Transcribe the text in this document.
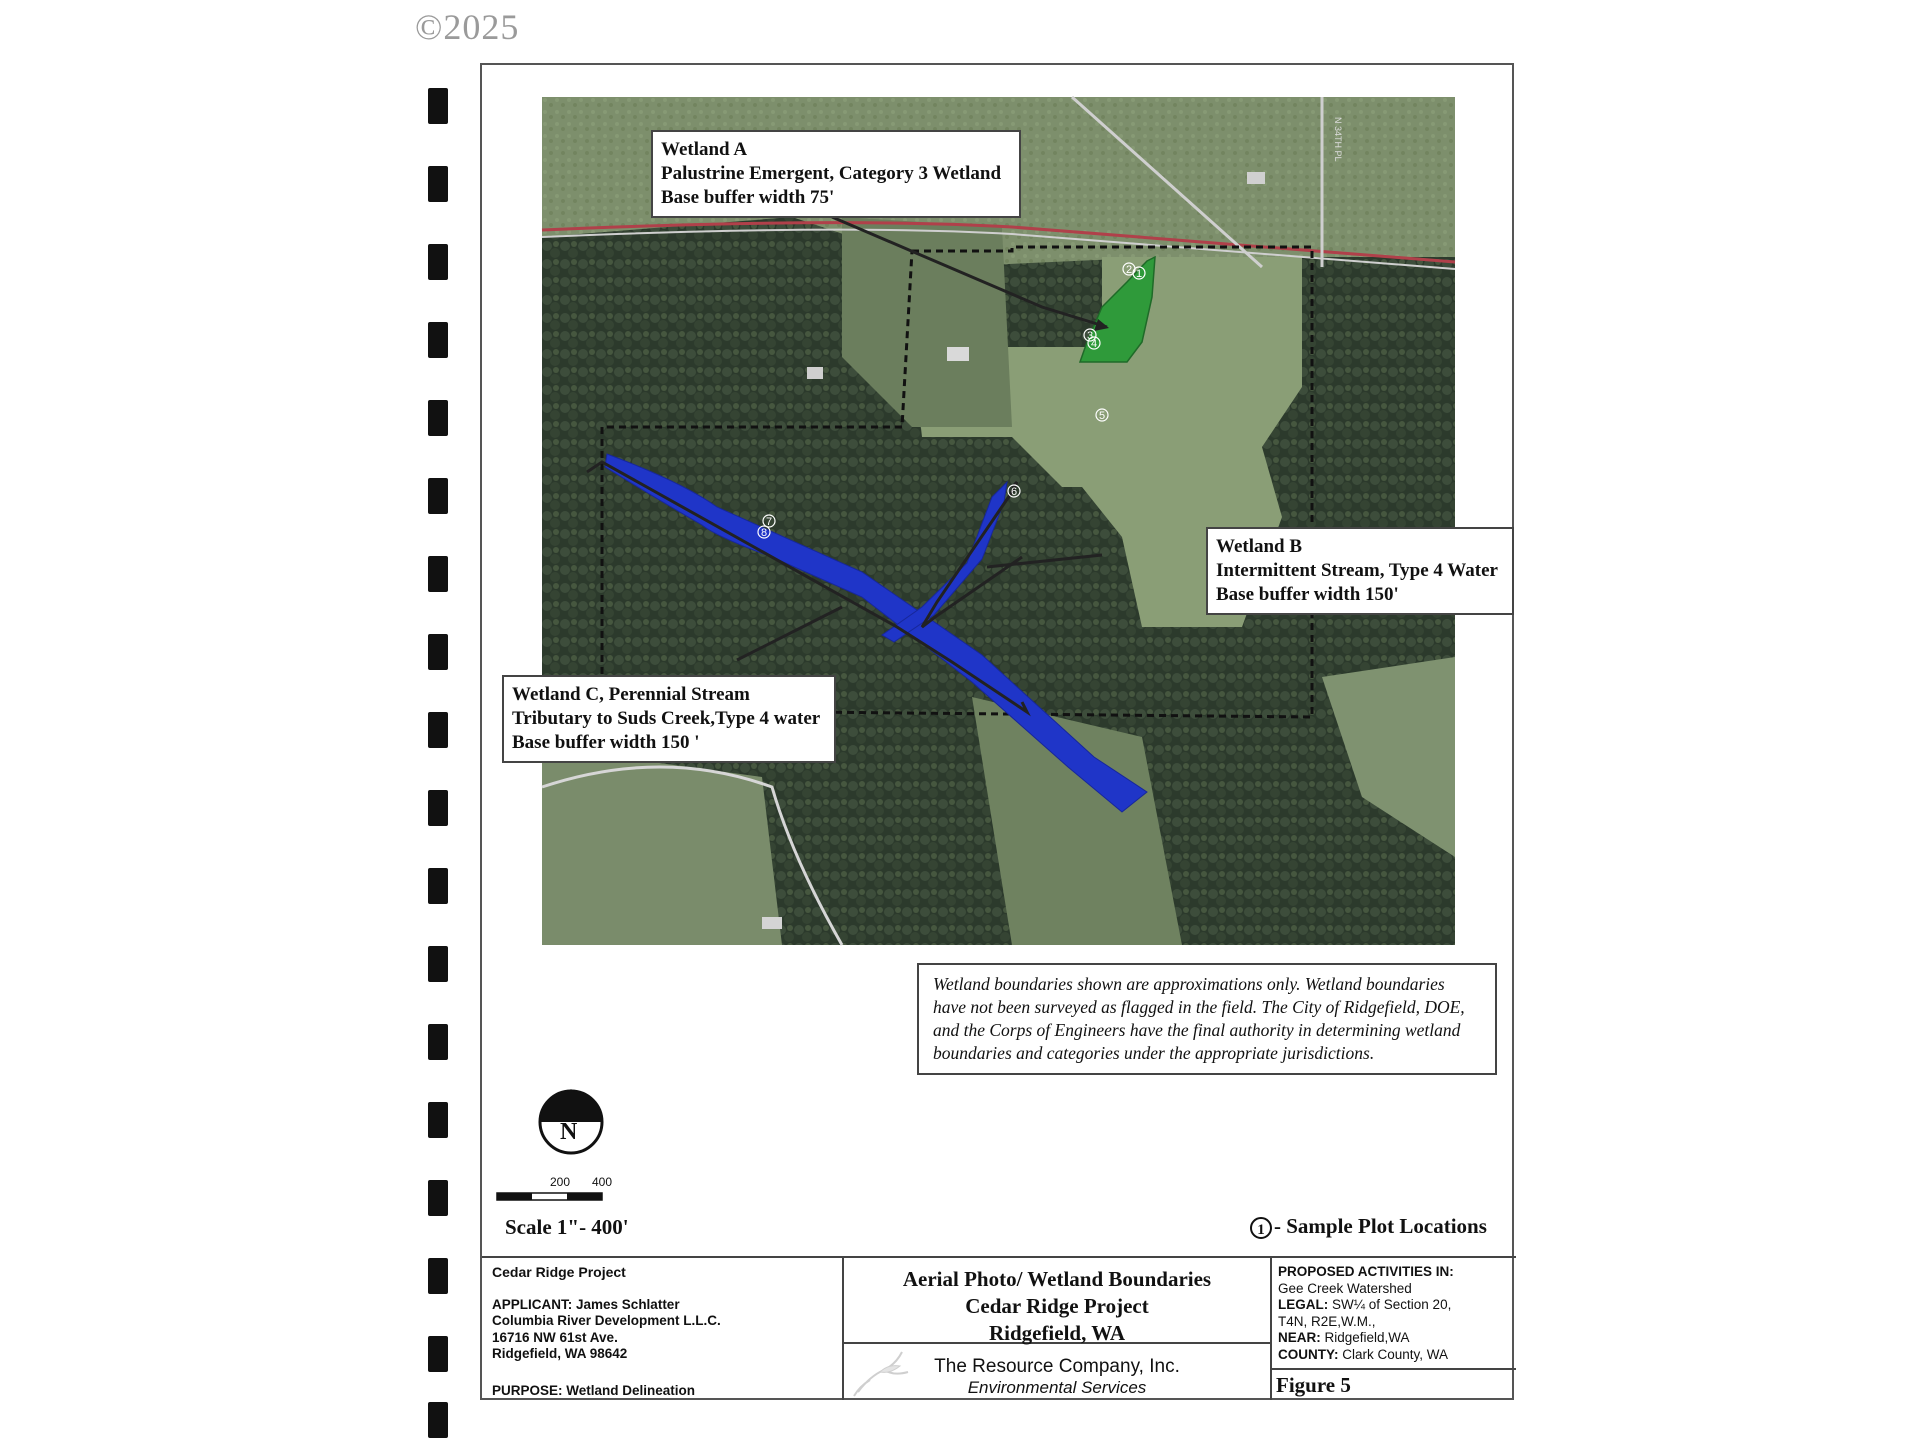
©2025
N 34TH PL
1
2
3
4
5
6
7
8
Wetland A
Palustrine Emergent, Category 3 Wetland
Base buffer width 75'
Wetland B
Intermittent Stream, Type 4 Water
Base buffer width 150'
Wetland C, Perennial Stream
Tributary to Suds Creek,Type 4 water
Base buffer width 150 '
Wetland boundaries shown are approximations only. Wetland boundaries
have not been surveyed as flagged in the field. The City of Ridgefield, DOE,
and the Corps of Engineers have the final authority in determining wetland
boundaries and categories under the appropriate jurisdictions.
N
200 400
Scale 1"- 400'	1 - Sample Plot Locations
Cedar Ridge Project
APPLICANT: James Schlatter
Columbia River Development L.L.C.
16716 NW 61st Ave.
Ridgefield, WA 98642
PURPOSE: Wetland Delineation
Aerial Photo/ Wetland Boundaries
Cedar Ridge Project
Ridgefield, WA
The Resource Company, Inc.
Environmental Services
PROPOSED ACTIVITIES IN:
Gee Creek Watershed
LEGAL: SW¼ of Section 20,
T4N, R2E,W.M.,
NEAR: Ridgefield,WA
COUNTY: Clark County, WA
Figure 5
